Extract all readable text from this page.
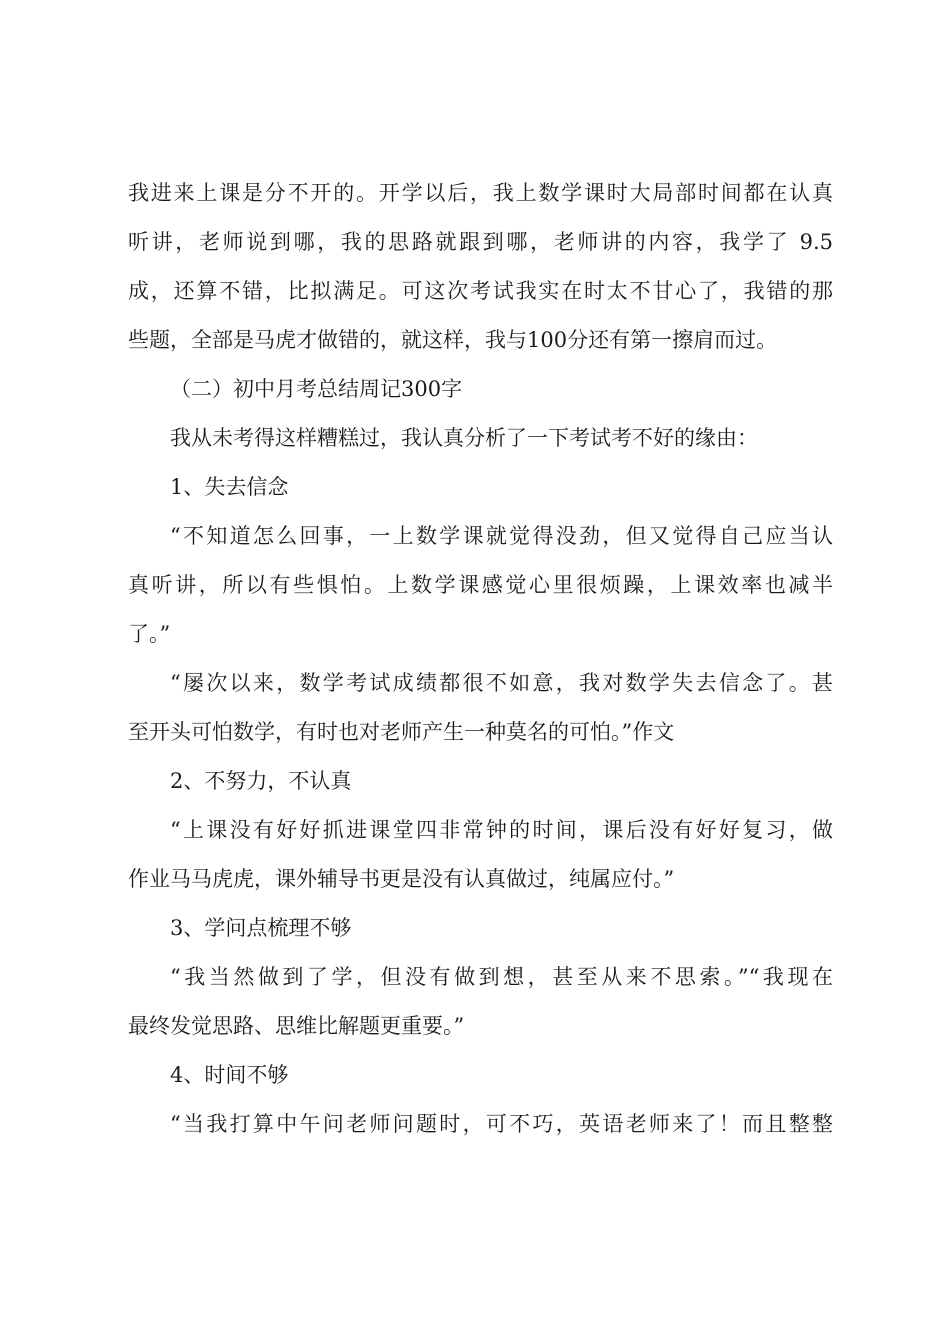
我进来上课是分不开的。开学以后，我上数学课时大局部时间都在认真

听讲，老师说到哪，我的思路就跟到哪，老师讲的内容，我学了 9.5

成，还算不错，比拟满足。可这次考试我实在时太不甘心了，我错的那

些题，全部是马虎才做错的，就这样，我与100分还有第一擦肩而过。

（二）初中月考总结周记300字

我从未考得这样糟糕过，我认真分析了一下考试考不好的缘由：

1、失去信念

“不知道怎么回事，一上数学课就觉得没劲，但又觉得自己应当认

真听讲，所以有些惧怕。上数学课感觉心里很烦躁，上课效率也减半

了。”

“屡次以来，数学考试成绩都很不如意，我对数学失去信念了。甚

至开头可怕数学，有时也对老师产生一种莫名的可怕。”作文

2、不努力，不认真

“上课没有好好抓进课堂四非常钟的时间，课后没有好好复习，做

作业马马虎虎，课外辅导书更是没有认真做过，纯属应付。”

3、学问点梳理不够

“我当然做到了学，但没有做到想，甚至从来不思索。”“我现在

最终发觉思路、思维比解题更重要。”

4、时间不够

“当我打算中午问老师问题时，可不巧，英语老师来了！而且整整
